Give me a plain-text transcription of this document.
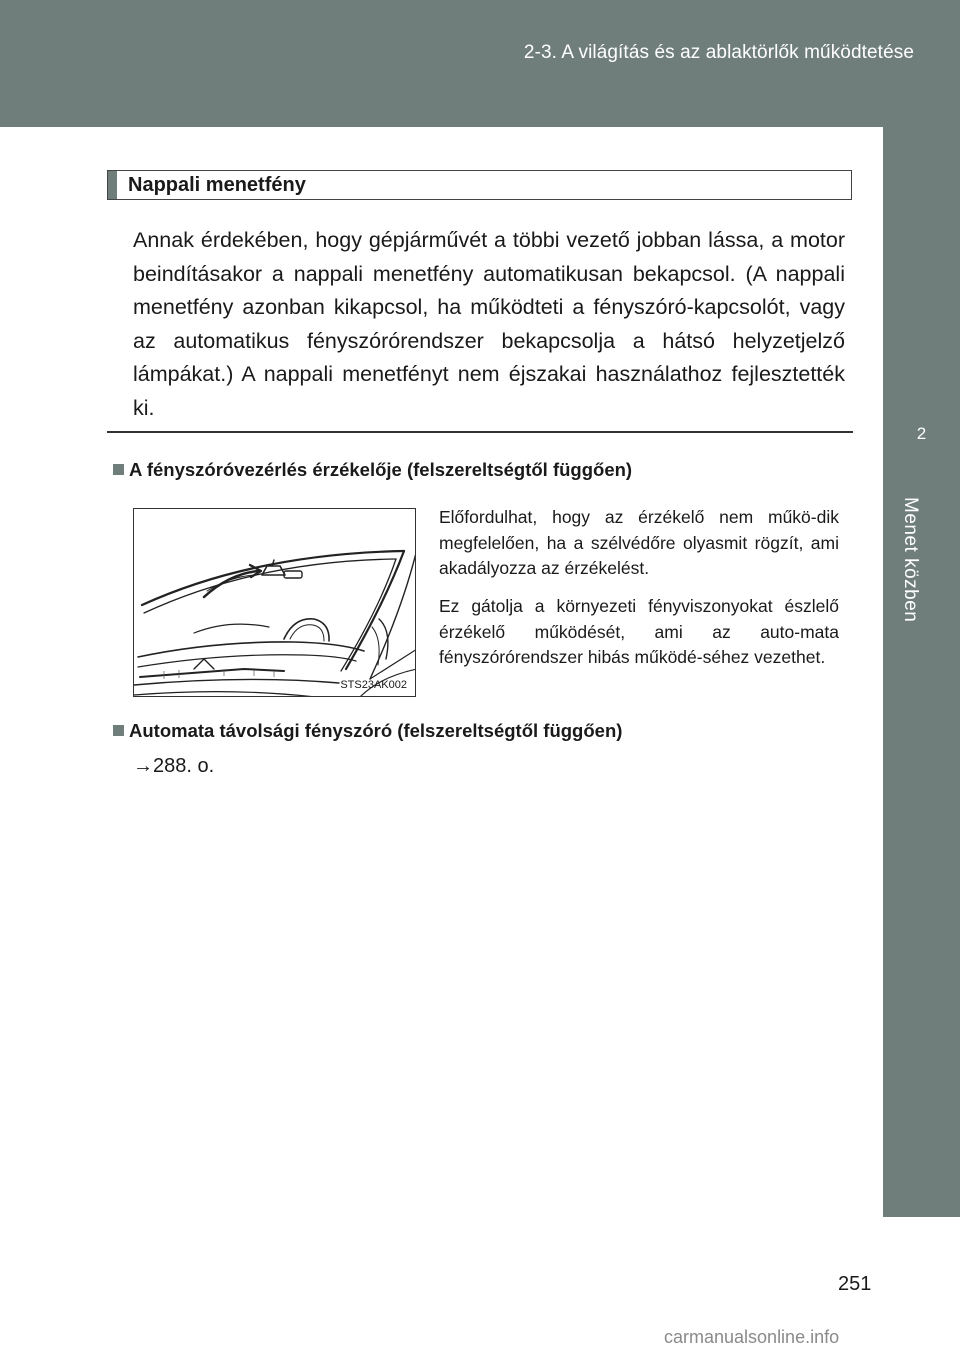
2-3. A világítás és az ablaktörlők működtetése
2
Menet közben
Nappali menetfény
Annak érdekében, hogy gépjárművét a többi vezető jobban lássa, a motor beindításakor a nappali menetfény automatikusan bekapcsol. (A nappali menetfény azonban kikapcsol, ha működteti a fényszóró-kapcsolót, vagy az automatikus fényszórórendszer bekapcsolja a hátsó helyzetjelző lámpákat.) A nappali menetfényt nem éjszakai használathoz fejlesztették ki.
A fényszóróvezérlés érzékelője (felszereltségtől függően)
STS23AK002
Előfordulhat, hogy az érzékelő nem műkö-dik megfelelően, ha a szélvédőre olyasmit rögzít, ami akadályozza az érzékelést.
Ez gátolja a környezeti fényviszonyokat észlelő érzékelő működését, ami az auto-mata fényszórórendszer hibás működé-séhez vezethet.
Automata távolsági fényszóró (felszereltségtől függően)
→288. o.
251
carmanualsonline.info
